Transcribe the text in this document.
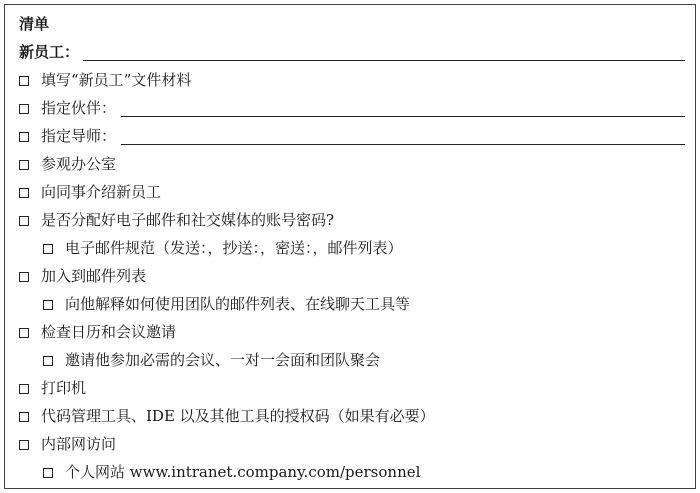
清单
新员工：
填写“新员工”文件材料
指定伙伴：
指定导师：
参观办公室
向同事介绍新员工
是否分配好电子邮件和社交媒体的账号密码?
电子邮件规范（发送：，抄送：，密送：，邮件列表）
加入到邮件列表
向他解释如何使用团队的邮件列表、在线聊天工具等
检查日历和会议邀请
邀请他参加必需的会议、一对一会面和团队聚会
打印机
代码管理工具、IDE 以及其他工具的授权码（如果有必要）
内部网访问
个人网站 www.intranet.company.com/personnel
